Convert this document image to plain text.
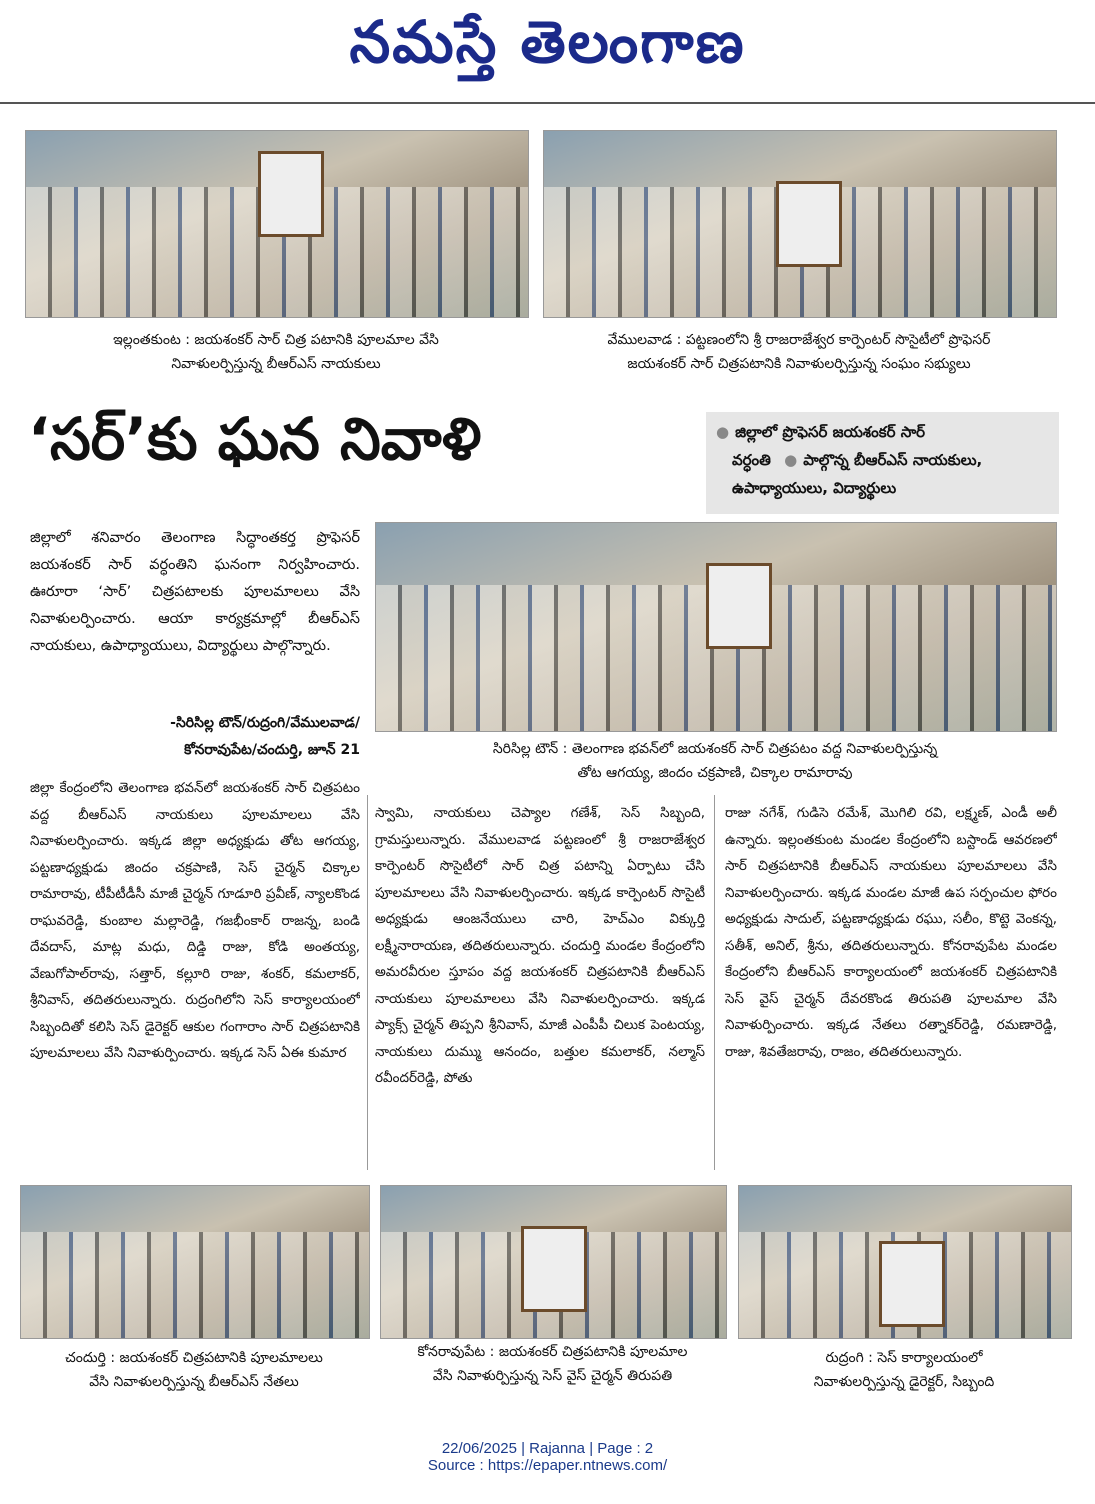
నమస్తే తెలంగాణ
ఇల్లంతకుంట : జయశంకర్ సార్ చిత్ర పటానికి పూలమాల వేసి
నివాళులర్పిస్తున్న బీఆర్ఎస్ నాయకులు
వేములవాడ : పట్టణంలోని శ్రీ రాజరాజేశ్వర కార్పెంటర్ సొసైటీలో ప్రొఫెసర్
జయశంకర్ సార్ చిత్రపటానికి నివాళులర్పిస్తున్న సంఘం సభ్యులు
‘సర్’కు ఘన నివాళి	● జిల్లాలో ప్రొఫెసర్ జయశంకర్ సార్
వర్ధంతి ● పాల్గొన్న బీఆర్ఎస్ నాయకులు,
ఉపాధ్యాయులు, విద్యార్థులు
జిల్లాలో శనివారం తెలంగాణ సిద్ధాంతకర్త ప్రొఫెసర్ జయశంకర్ సార్ వర్ధంతిని ఘనంగా నిర్వహించారు. ఊరూరా ‘సార్’ చిత్రపటాలకు పూలమాలలు వేసి నివాళులర్పించారు. ఆయా కార్యక్రమాల్లో బీఆర్ఎస్ నాయకులు, ఉపాధ్యాయులు, విద్యార్థులు పాల్గొన్నారు.
-సిరిసిల్ల టౌన్/రుద్రంగి/వేములవాడ/
కోనరావుపేట/చందుర్తి, జూన్ 21	సిరిసిల్ల టౌన్ : తెలంగాణ భవన్‌లో జయశంకర్ సార్ చిత్రపటం వద్ద నివాళులర్పిస్తున్న
తోట ఆగయ్య, జిందం చక్రపాణి, చిక్కాల రామారావు
జిల్లా కేంద్రంలోని తెలంగాణ భవన్‌లో జయశంకర్ సార్ చిత్రపటం వద్ద బీఆర్ఎస్ నాయకులు పూలమాలలు వేసి నివాళులర్పించారు. ఇక్కడ జిల్లా అధ్యక్షుడు తోట ఆగయ్య, పట్టణాధ్యక్షుడు జిందం చక్రపాణి, సెస్ చైర్మన్ చిక్కాల రామారావు, టీపీటీడీసీ మాజీ చైర్మన్ గూడూరి ప్రవీణ్, న్యాలకొండ రాఘవరెడ్డి, కుంబాల మల్లారెడ్డి, గజభీంకార్ రాజన్న, బండి దేవదాస్, మాట్ల మధు, దిడ్డి రాజు, కోడి అంతయ్య, వేణుగోపాల్‌రావు, సత్తార్, కల్లూరి రాజు, శంకర్, కమలాకర్, శ్రీనివాస్, తదితరులున్నారు. రుద్రంగిలోని సెస్ కార్యాలయంలో సిబ్బందితో కలిసి సెస్ డైరెక్టర్ ఆకుల గంగారాం సార్ చిత్రపటానికి పూలమాలలు వేసి నివాళుర్పించారు. ఇక్కడ సెస్ ఏఈ కుమార
స్వామి, నాయకులు చెప్యాల గణేశ్, సెస్ సిబ్బంది, గ్రామస్తులున్నారు. వేములవాడ పట్టణంలో శ్రీ రాజరాజేశ్వర కార్పెంటర్ సొసైటీలో సార్ చిత్ర పటాన్ని ఏర్పాటు చేసి పూలమాలలు వేసి నివాళులర్పించారు. ఇక్కడ కార్పెంటర్ సొసైటీ అధ్యక్షుడు ఆంజనేయులు చారి, హెచ్ఎం విక్కుర్తి లక్ష్మీనారాయణ, తదితరులున్నారు. చందుర్తి మండల కేంద్రంలోని అమరవీరుల స్తూపం వద్ద జయశంకర్ చిత్రపటానికి బీఆర్ఎస్ నాయకులు పూలమాలలు వేసి నివాళులర్పించారు. ఇక్కడ ప్యాక్స్ చైర్మన్ తిప్పని శ్రీనివాస్, మాజీ ఎంపీపీ చిలుక పెంటయ్య, నాయకులు దుమ్ము ఆనందం, బత్తుల కమలాకర్, నల్మాస్ రవీందర్‌రెడ్డి, పోతు
రాజు నగేశ్, గుడిసె రమేశ్, మొగిలి రవి, లక్ష్మణ్, ఎండీ అలీ ఉన్నారు. ఇల్లంతకుంట మండల కేంద్రంలోని బస్టాండ్ ఆవరణలో సార్ చిత్రపటానికి బీఆర్ఎస్ నాయకులు పూలమాలలు వేసి నివాళులర్పించారు. ఇక్కడ మండల మాజీ ఉప సర్పంచుల ఫోరం అధ్యక్షుడు సాదుల్, పట్టణాధ్యక్షుడు రఘు, సలీం, కొట్టె వెంకన్న, సతీశ్, అనిల్, శ్రీను, తదితరులున్నారు. కోనరావుపేట మండల కేంద్రంలోని బీఆర్ఎస్ కార్యాలయంలో జయశంకర్ చిత్రపటానికి సెస్ వైస్ చైర్మన్ దేవరకొండ తిరుపతి పూలమాల వేసి నివాళుర్పించారు. ఇక్కడ నేతలు రత్నాకర్‌రెడ్డి, రమణారెడ్డి, రాజు, శివతేజరావు, రాజం, తదితరులున్నారు.
చందుర్తి : జయశంకర్ చిత్రపటానికి పూలమాలలు
వేసి నివాళులర్పిస్తున్న బీఆర్ఎస్ నేతలు
కోనరావుపేట : జయశంకర్ చిత్రపటానికి పూలమాల
వేసి నివాళుర్పిస్తున్న సెస్ వైస్ చైర్మన్ తిరుపతి
రుద్రంగి : సెస్ కార్యాలయంలో
నివాళులర్పిస్తున్న డైరెక్టర్, సిబ్బంది
22/06/2025 | Rajanna | Page : 2
Source : https://epaper.ntnews.com/
